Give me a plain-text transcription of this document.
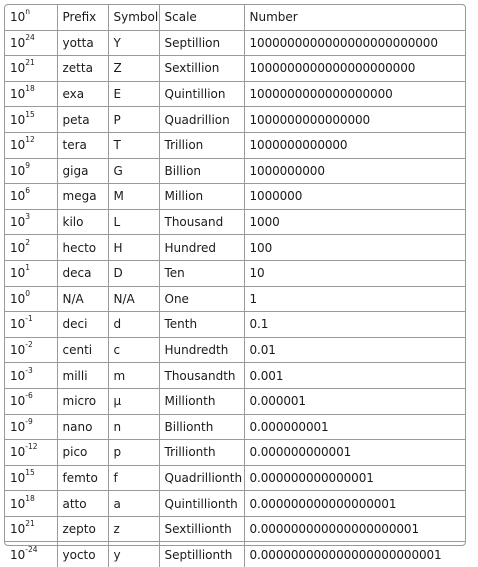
10$^n$	Prefix	Symbol	Scale	Number
$10^{24}$	yotta	Y	Septillion	1000000000000000000000000
$10^{21}$	zetta	Z	Sextillion	1000000000000000000000
$10^{18}$	exa	E	Quintillion	1000000000000000000
$10^{15}$	peta	P	Quadrillion	1000000000000000
$10^{12}$	tera	T	Trillion	1000000000000
$10^9$	giga	G	Billion	1000000000
$10^6$	mega	M	Million	1000000
$10^3$	kilo	L	Thousand	1000
$10^2$	hecto	H	Hundred	100
$10^1$	deca	D	Ten	10
$10^0$	N/A	N/A	One	1
$10^{-1}$	deci	d	Tenth	0.1
$10^{-2}$	centi	c	Hundredth	0.01
$10^{-3}$	milli	m	Thousandth	0.001
$10^{-6}$	micro	µ	Millionth	0.000001
$10^{-9}$	nano	n	Billionth	0.000000001
$10^{-12}$	pico	p	Trillionth	0.000000000001
$10^{15}$	femto	f	Quadrillionth	0.000000000000001
$10^{18}$	atto	a	Quintillionth	0.000000000000000001
$10^{21}$	zepto	z	Sextillionth	0.000000000000000000001
$10^{-24}$	yocto	y	Septillionth	0.000000000000000000000001
